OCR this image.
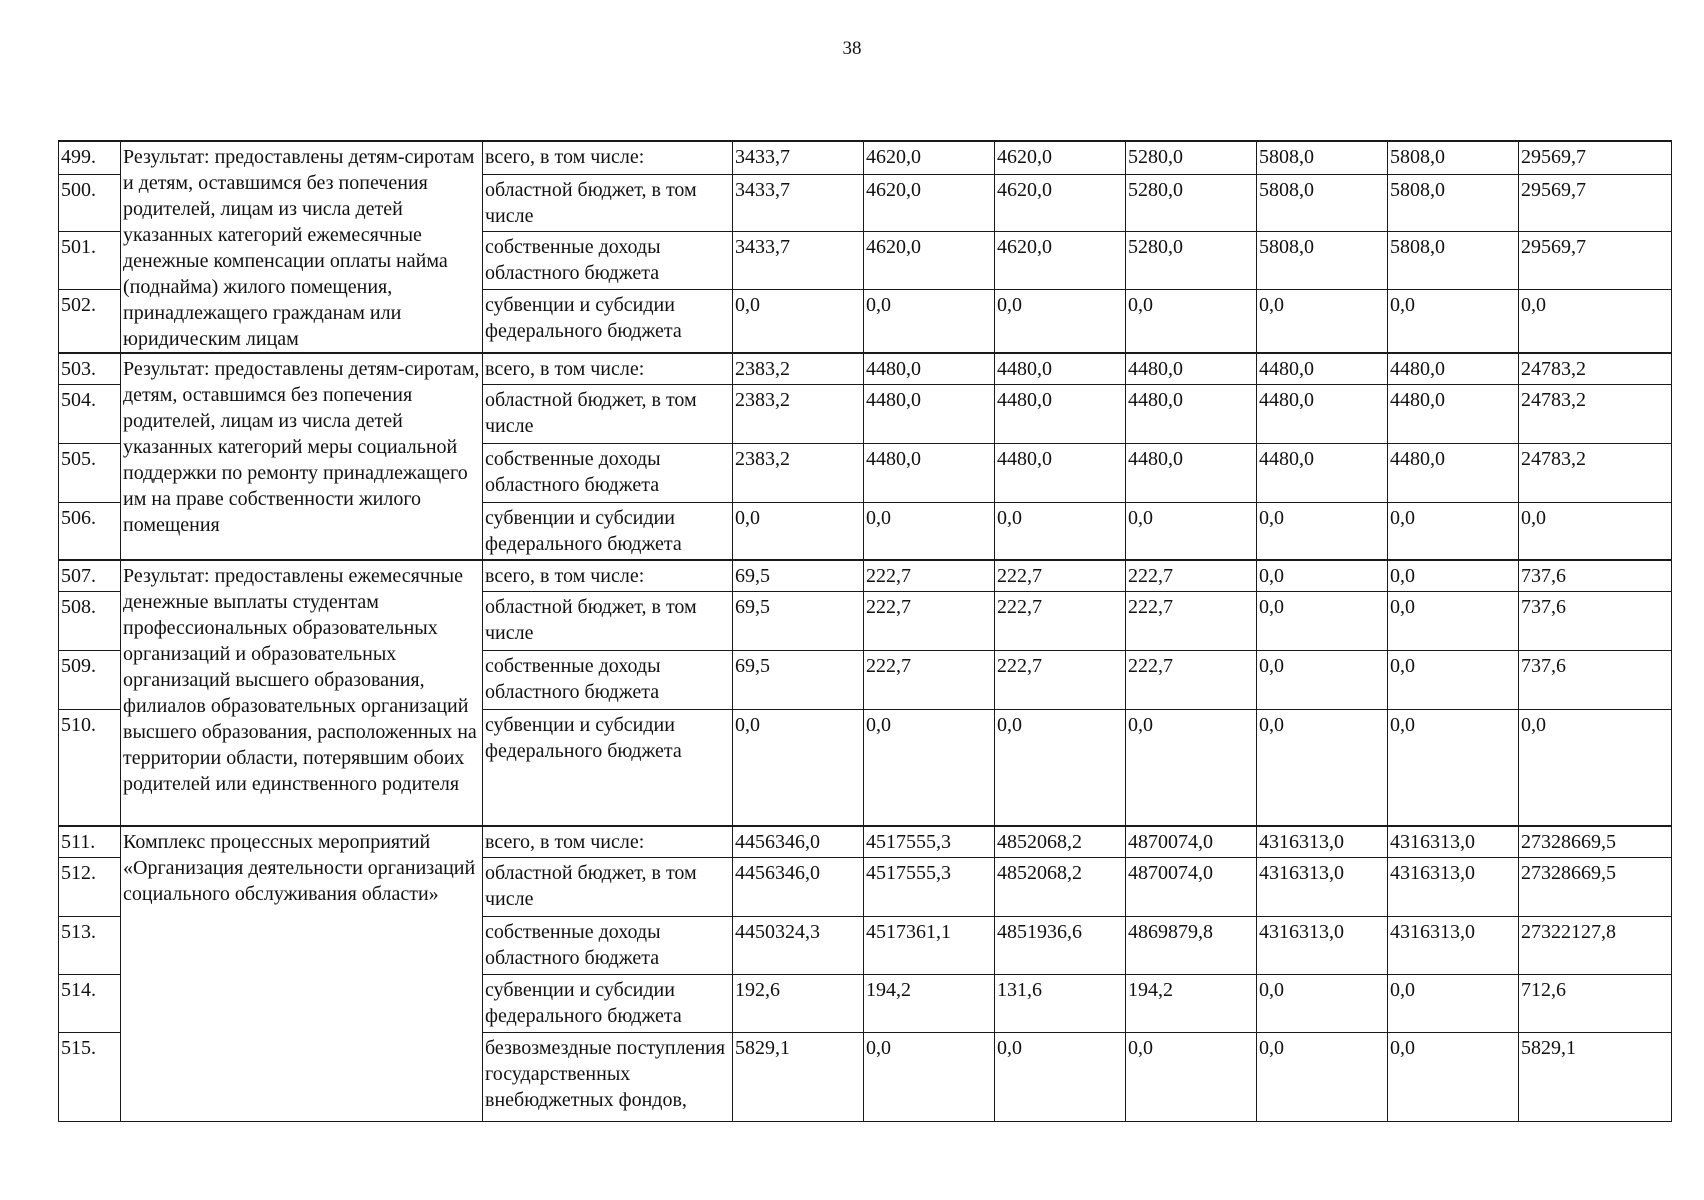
38
499.	Результат: предоставлены детям-сиротам и детям, оставшимся без попечения родителей, лицам из числа детей указанных категорий ежемесячные денежные компенсации оплаты найма (поднайма) жилого помещения, принадлежащего гражданам или юридическим лицам	всего, в том числе:	3433,7	4620,0	4620,0	5280,0	5808,0	5808,0	29569,7
500.		областной бюджет, в том числе	3433,7	4620,0	4620,0	5280,0	5808,0	5808,0	29569,7
501.		собственные доходы областного бюджета	3433,7	4620,0	4620,0	5280,0	5808,0	5808,0	29569,7
502.		субвенции и субсидии федерального бюджета	0,0	0,0	0,0	0,0	0,0	0,0	0,0
503.	Результат: предоставлены детям-сиротам, детям, оставшимся без попечения родителей, лицам из числа детей указанных категорий меры социальной поддержки по ремонту принадлежащего им на праве собственности жилого помещения	всего, в том числе:	2383,2	4480,0	4480,0	4480,0	4480,0	4480,0	24783,2
504.		областной бюджет, в том числе	2383,2	4480,0	4480,0	4480,0	4480,0	4480,0	24783,2
505.		собственные доходы областного бюджета	2383,2	4480,0	4480,0	4480,0	4480,0	4480,0	24783,2
506.		субвенции и субсидии федерального бюджета	0,0	0,0	0,0	0,0	0,0	0,0	0,0
507.	Результат: предоставлены ежемесячные денежные выплаты студентам профессиональных образовательных организаций и образовательных организаций высшего образования, филиалов образовательных организаций высшего образования, расположенных на территории области, потерявшим обоих родителей или единственного родителя	всего, в том числе:	69,5	222,7	222,7	222,7	0,0	0,0	737,6
508.		областной бюджет, в том числе	69,5	222,7	222,7	222,7	0,0	0,0	737,6
509.		собственные доходы областного бюджета	69,5	222,7	222,7	222,7	0,0	0,0	737,6
510.		субвенции и субсидии федерального бюджета	0,0	0,0	0,0	0,0	0,0	0,0	0,0
511.	Комплекс процессных мероприятий «Организация деятельности организаций социального обслуживания области»	всего, в том числе:	4456346,0	4517555,3	4852068,2	4870074,0	4316313,0	4316313,0	27328669,5
512.		областной бюджет, в том числе	4456346,0	4517555,3	4852068,2	4870074,0	4316313,0	4316313,0	27328669,5
513.		собственные доходы областного бюджета	4450324,3	4517361,1	4851936,6	4869879,8	4316313,0	4316313,0	27322127,8
514.		субвенции и субсидии федерального бюджета	192,6	194,2	131,6	194,2	0,0	0,0	712,6
515.		безвозмездные поступления государственных внебюджетных фондов,	5829,1	0,0	0,0	0,0	0,0	0,0	5829,1
